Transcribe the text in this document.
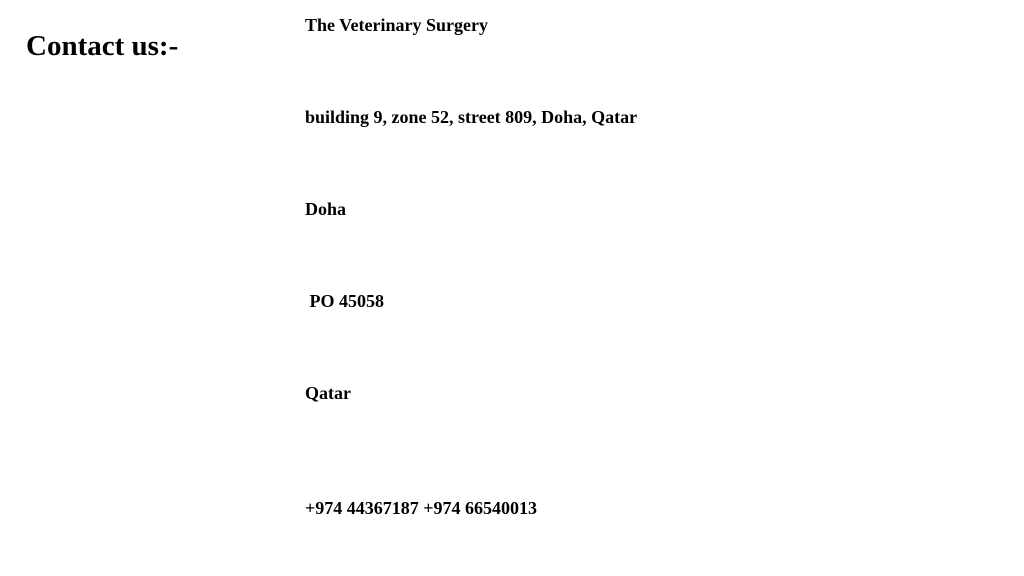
Contact us:-

The Veterinary Surgery

building 9, zone 52, street 809, Doha, Qatar

Doha

PO 45058

Qatar

+974 44367187 +974 66540013
